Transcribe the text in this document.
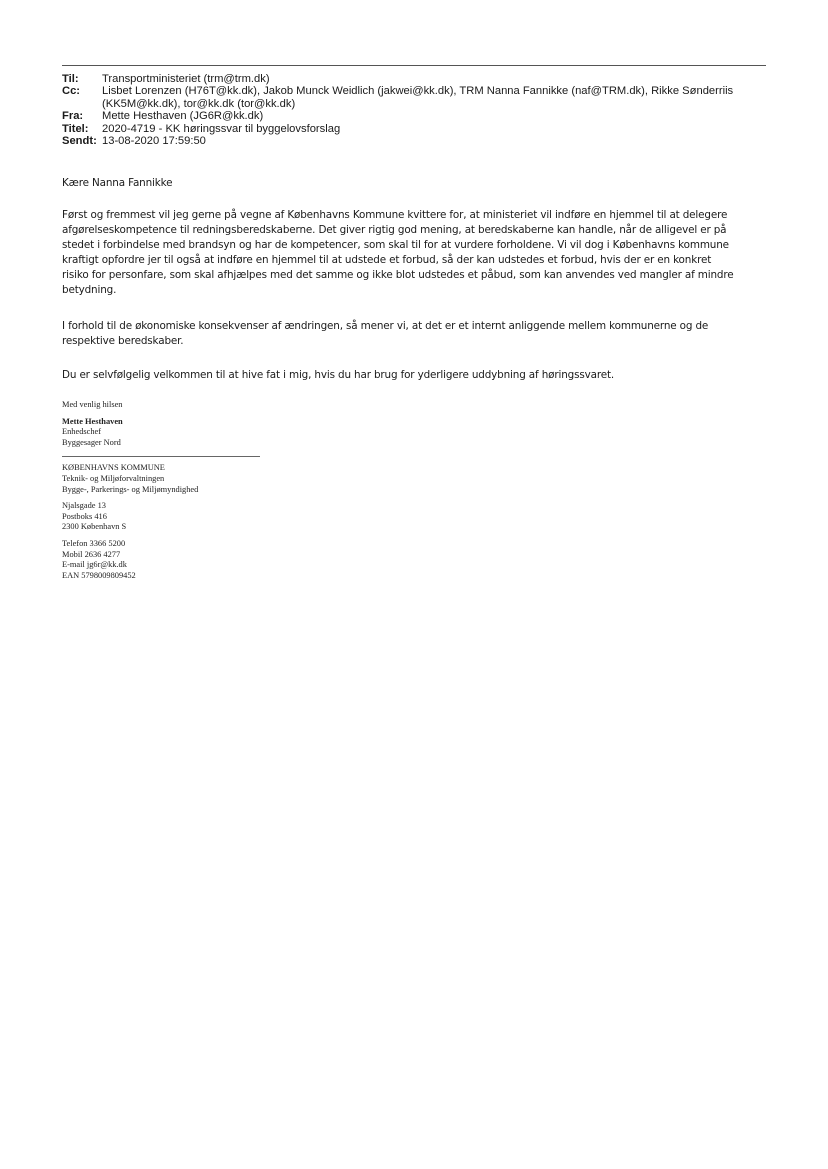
Til:	Transportministeriet (trm@trm.dk)
Cc:	Lisbet Lorenzen (H76T@kk.dk), Jakob Munck Weidlich (jakwei@kk.dk), TRM Nanna Fannikke (naf@TRM.dk), Rikke Sønderriis
(KK5M@kk.dk), tor@kk.dk (tor@kk.dk)
Fra:	Mette Hesthaven (JG6R@kk.dk)
Titel:	2020-4719 - KK høringssvar til byggelovsforslag
Sendt: 13-08-2020 17:59:50

Kære Nanna Fannikke

Først og fremmest vil jeg gerne på vegne af Københavns Kommune kvittere for, at ministeriet vil indføre en hjemmel til at delegere
afgørelseskompetence til redningsberedskaberne. Det giver rigtig god mening, at beredskaberne kan handle, når de alligevel er på
stedet i forbindelse med brandsyn og har de kompetencer, som skal til for at vurdere forholdene. Vi vil dog i Københavns kommune
kraftigt opfordre jer til også at indføre en hjemmel til at udstede et forbud, så der kan udstedes et forbud, hvis der er en konkret
risiko for personfare, som skal afhjælpes med det samme og ikke blot udstedes et påbud, som kan anvendes ved mangler af mindre
betydning.

I forhold til de økonomiske konsekvenser af ændringen, så mener vi, at det er et internt anliggende mellem kommunerne og de
respektive beredskaber.

Du er selvfølgelig velkommen til at hive fat i mig, hvis du har brug for yderligere uddybning af høringssvaret.

Med venlig hilsen
Mette Hesthaven
Enhedschef
Byggesager Nord
KØBENHAVNS KOMMUNE
Teknik- og Miljøforvaltningen
Bygge-, Parkerings- og Miljømyndighed
Njalsgade 13
Postboks 416
2300 København S
Telefon 3366 5200
Mobil 2636 4277
E-mail jg6r@kk.dk
EAN 5798009809452
